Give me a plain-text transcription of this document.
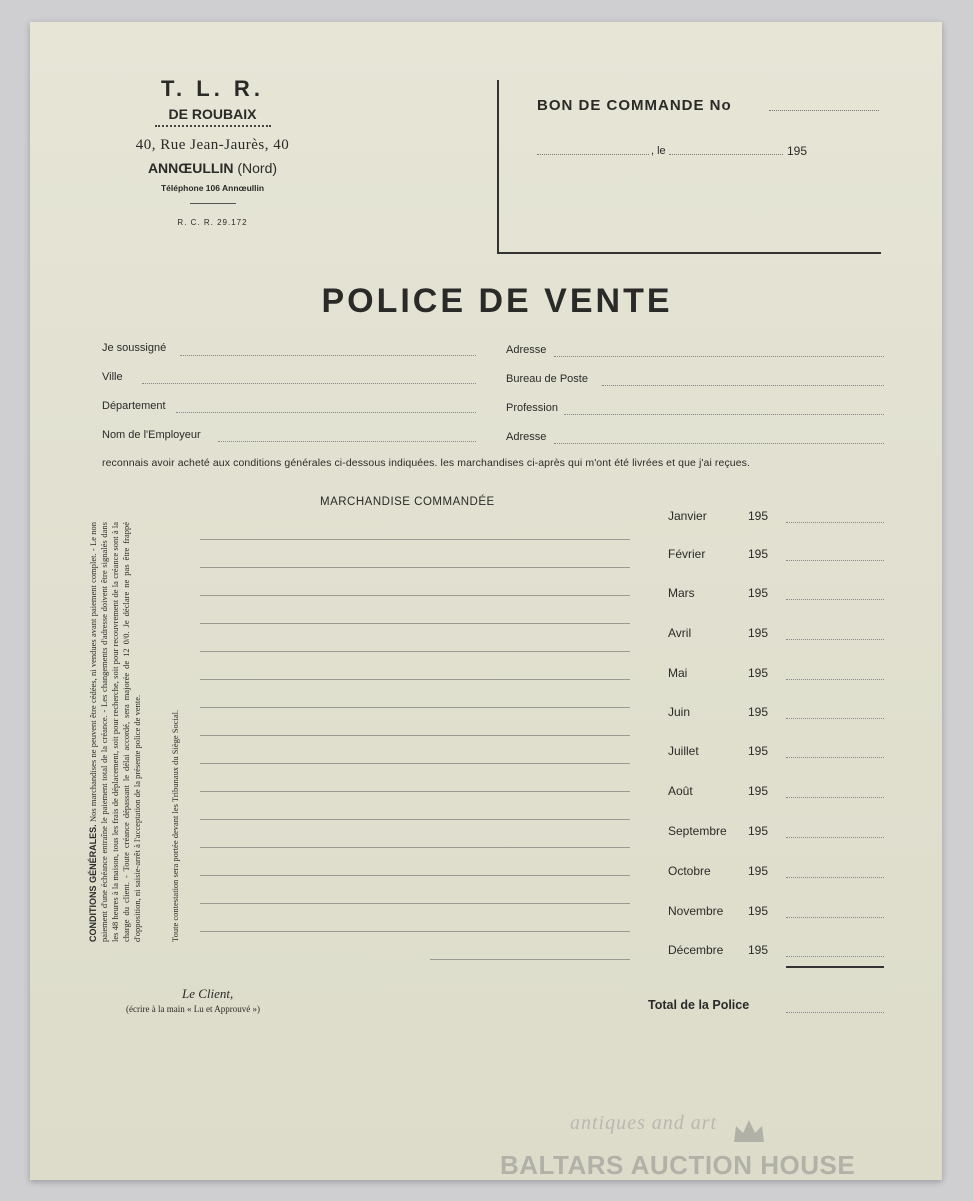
T. L. R.
DE ROUBAIX
40, Rue Jean-Jaurès, 40
ANNŒULLIN (Nord)
Téléphone 106 Annœullin
R. C. R. 29.172
BON DE COMMANDE No
, le	195
POLICE DE VENTE
Je soussigné
Ville
Département
Nom de l'Employeur
Adresse
Bureau de Poste
Profession
Adresse
reconnais avoir acheté aux conditions générales ci-dessous indiquées. les marchandises ci-après qui m'ont été livrées et que j'ai reçues.
MARCHANDISE COMMANDÉE
CONDITIONS GÉNÉRALES. Nos marchandises ne peuvent être cédées, ni vendues avant paiement complet. - Le non paiement d'une échéance entraîne le paiement total de la créance. - Les changements d'adresse doivent être signalés dans les 48 heures à la maison, tous les frais de déplacement, soit pour recherche, soit pour recouvrement de la créance sont à la charge du client. - Toute créance dépassant le délai accordé, sera majorée de 12 0/0. Je déclare ne pas être frappé d'opposition, ni saisie-arrêt à l'acceptation de la présente police de vente.	Toute contestation sera portée devant les Tribunaux du Siège Social.
Janvier	195
Février	195
Mars	195
Avril	195
Mai	195
Juin	195
Juillet	195
Août	195
Septembre 195
Octobre	195
Novembre 195
Décembre 195
Le Client,
(écrire à la main « Lu et Approuvé »)	Total de la Police
antiques and art
BALTARS AUCTION HOUSE
